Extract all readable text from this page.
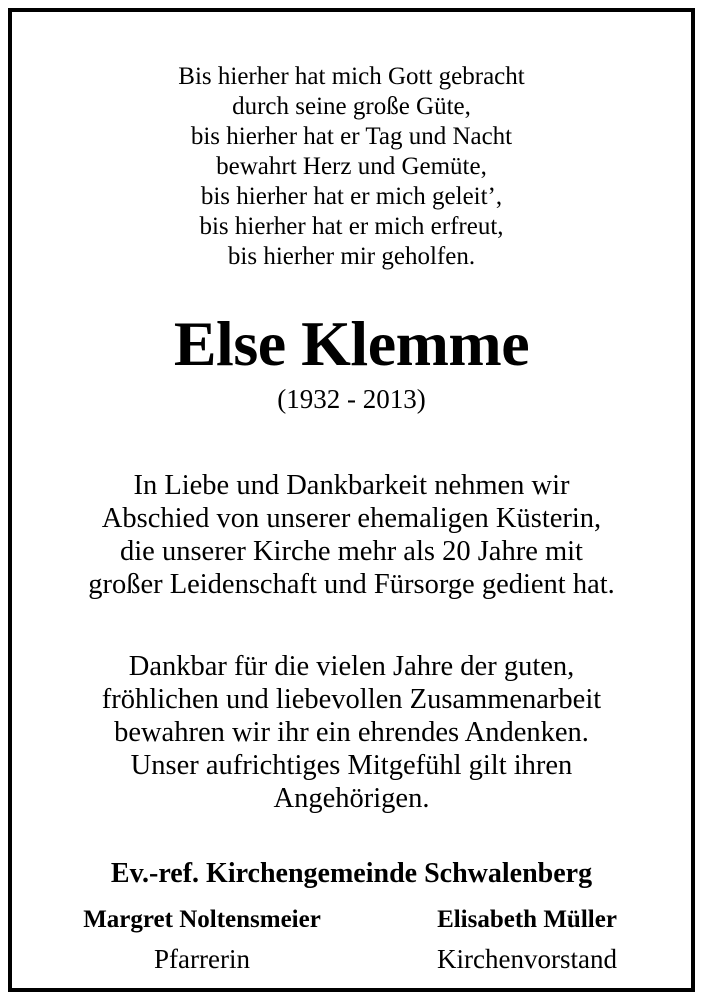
Bis hierher hat mich Gott gebracht
durch seine große Güte,
bis hierher hat er Tag und Nacht
bewahrt Herz und Gemüte,
bis hierher hat er mich geleit’,
bis hierher hat er mich erfreut,
bis hierher mir geholfen.
Else Klemme
(1932 - 2013)
In Liebe und Dankbarkeit nehmen wir
Abschied von unserer ehemaligen Küsterin,
die unserer Kirche mehr als 20 Jahre mit
großer Leidenschaft und Fürsorge gedient hat.
Dankbar für die vielen Jahre der guten,
fröhlichen und liebevollen Zusammenarbeit
bewahren wir ihr ein ehrendes Andenken.
Unser aufrichtiges Mitgefühl gilt ihren
Angehörigen.
Ev.-ref. Kirchengemeinde Schwalenberg
Margret Noltensmeier
Pfarrerin
Elisabeth Müller
Kirchenvorstand
